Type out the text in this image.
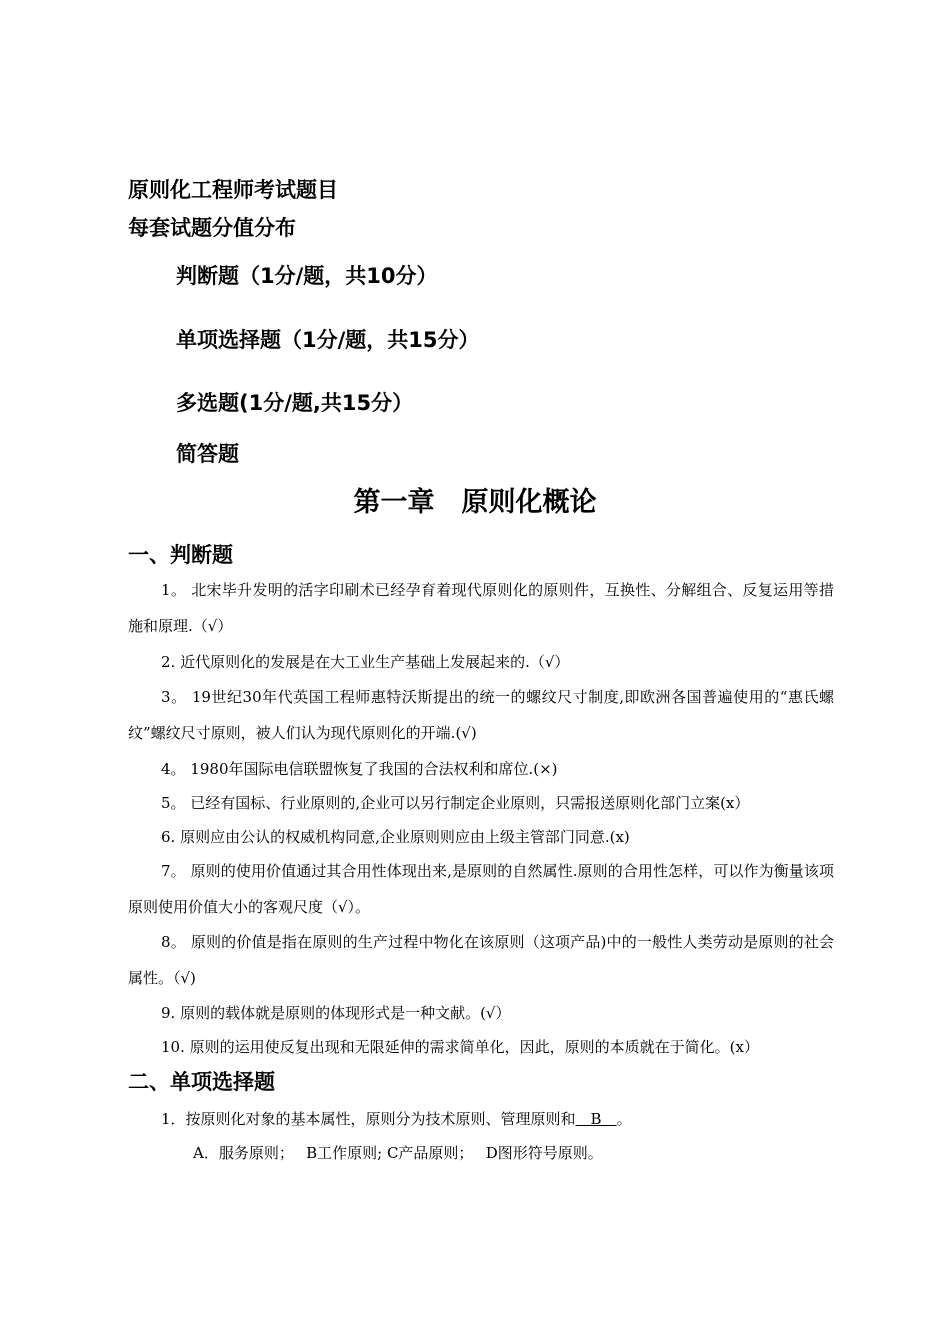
原则化工程师考试题目
每套试题分值分布
判断题（1分/题，共10分）
单项选择题（1分/题，共15分）
多选题(1分/题,共15分）
简答题
第一章　原则化概论
一、判断题
1。 北宋毕升发明的活字印刷术已经孕育着现代原则化的原则件，互换性、分解组合、反复运用等措施和原理.（√）
2. 近代原则化的发展是在大工业生产基础上发展起来的.（√）
3。 19世纪30年代英国工程师惠特沃斯提出的统一的螺纹尺寸制度,即欧洲各国普遍使用的“惠氏螺纹”螺纹尺寸原则，被人们认为现代原则化的开端.(√)
4。 1980年国际电信联盟恢复了我国的合法权利和席位.(×)
5。 已经有国标、行业原则的,企业可以另行制定企业原则，只需报送原则化部门立案(x）
6. 原则应由公认的权威机构同意,企业原则则应由上级主管部门同意.(x)
7。 原则的使用价值通过其合用性体现出来,是原则的自然属性.原则的合用性怎样，可以作为衡量该项原则使用价值大小的客观尺度（√）。
8。 原则的价值是指在原则的生产过程中物化在该原则（这项产品)中的一般性人类劳动是原则的社会属性。（√)
9. 原则的载体就是原则的体现形式是一种文献。(√）
10. 原则的运用使反复出现和无限延伸的需求简单化，因此，原则的本质就在于简化。(x）
二、单项选择题
1．按原则化对象的基本属性，原则分为技术原则、管理原则和　B　。
A．服务原则；　 B工作原则; C产品原则；　 D图形符号原则。
